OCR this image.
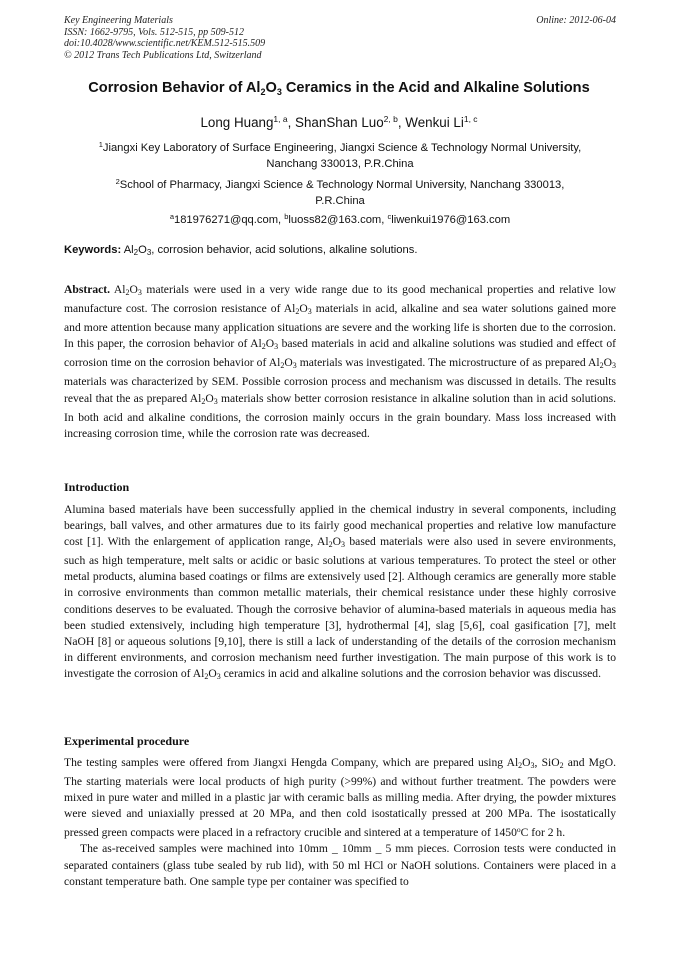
Key Engineering Materials
ISSN: 1662-9795, Vols. 512-515, pp 509-512
doi:10.4028/www.scientific.net/KEM.512-515.509
© 2012 Trans Tech Publications Ltd, Switzerland
Online: 2012-06-04
Corrosion Behavior of $Al_2O_3$ Ceramics in the Acid and Alkaline Solutions
Long Huang$^{1, a}$, ShanShan Luo$^{2, b}$, Wenkui Li$^{1, c}$
$^1$Jiangxi Key Laboratory of Surface Engineering, Jiangxi Science & Technology Normal University,
Nanchang 330013, P.R.China
$^2$School of Pharmacy, Jiangxi Science & Technology Normal University, Nanchang 330013,
P.R.China
$^a$181976271@qq.com, $^b$luoss82@163.com, $^c$liwenkui1976@163.com
Keywords: $Al_2O_3$, corrosion behavior, acid solutions, alkaline solutions.

Abstract. $Al_2O_3$ materials were used in a very wide range due to its good mechanical properties and relative low manufacture cost. The corrosion resistance of $Al_2O_3$ materials in acid, alkaline and sea water solutions gained more and more attention because many application situations are severe and the working life is shorten due to the corrosion. In this paper, the corrosion behavior of $Al_2O_3$ based materials in acid and alkaline solutions was studied and effect of corrosion time on the corrosion behavior of $Al_2O_3$ materials was investigated. The microstructure of as prepared $Al_2O_3$ materials was characterized by SEM. Possible corrosion process and mechanism was discussed in details. The results reveal that the as prepared $Al_2O_3$ materials show better corrosion resistance in alkaline solution than in acid solutions. In both acid and alkaline conditions, the corrosion mainly occurs in the grain boundary. Mass loss increased with increasing corrosion time, while the corrosion rate was decreased.

Introduction

Alumina based materials have been successfully applied in the chemical industry in several components, including bearings, ball valves, and other armatures due to its fairly good mechanical properties and relative low manufacture cost [1]. With the enlargement of application range, $Al_2O_3$ based materials were also used in severe environments, such as high temperature, melt salts or acidic or basic solutions at various temperatures. To protect the steel or other metal products, alumina based coatings or films are extensively used [2]. Although ceramics are generally more stable in corrosive environments than common metallic materials, their chemical resistance under these highly corrosive conditions deserves to be evaluated. Though the corrosive behavior of alumina-based materials in aqueous media has been studied extensively, including high temperature [3], hydrothermal [4], slag [5,6], coal gasification [7], melt NaOH [8] or aqueous solutions [9,10], there is still a lack of understanding of the details of the corrosion mechanism in different environments, and corrosion mechanism need further investigation. The main purpose of this work is to investigate the corrosion of $Al_2O_3$ ceramics in acid and alkaline solutions and the corrosion behavior was discussed.

Experimental procedure

The testing samples were offered from Jiangxi Hengda Company, which are prepared using $Al_2O_3$, SiO$_2$ and MgO. The starting materials were local products of high purity (>99%) and without further treatment. The powders were mixed in pure water and milled in a plastic jar with ceramic balls as milling media. After drying, the powder mixtures were sieved and uniaxially pressed at 20 MPa, and then cold isostatically pressed at 200 MPa. The isostatically pressed green compacts were placed in a refractory crucible and sintered at a temperature of 1450$^o$C for 2 h.

The as-received samples were machined into 10mm _ 10mm _ 5 mm pieces. Corrosion tests were conducted in separated containers (glass tube sealed by rub lid), with 50 ml HCl or NaOH solutions. Containers were placed in a constant temperature bath. One sample type per container was specified to
